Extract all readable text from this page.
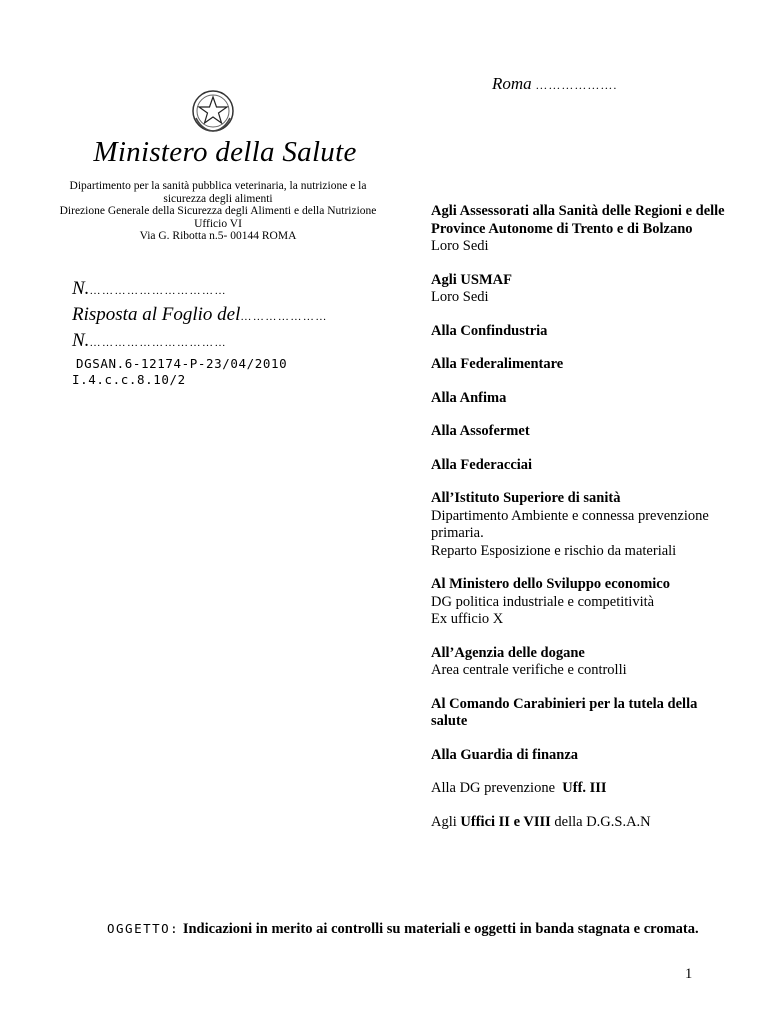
Roma ……………….
Ministero della Salute
Dipartimento per la sanità pubblica veterinaria, la nutrizione e la
sicurezza degli alimenti
Direzione Generale della Sicurezza degli Alimenti e della Nutrizione
Ufficio VI
Via G. Ribotta n.5- 00144 ROMA
N.……………………………
Risposta al Foglio del…………………
N.……………………………
DGSAN.6-12174-P-23/04/2010
I.4.c.c.8.10/2
Agli Assessorati alla Sanità delle Regioni e delle Province Autonome di Trento e di Bolzano
Loro Sedi
Agli USMAF
Loro Sedi
Alla Confindustria
Alla Federalimentare
Alla Anfima
Alla Assofermet
Alla Federacciai
All’Istituto Superiore di sanità
Dipartimento Ambiente e connessa prevenzione primaria.
Reparto Esposizione e rischio da materiali
Al Ministero dello Sviluppo economico
DG politica industriale e competitività
Ex ufficio X
All’Agenzia delle dogane
Area centrale verifiche e controlli
Al Comando Carabinieri per la tutela della salute
Alla Guardia di finanza
Alla DG prevenzione Uff. III
Agli Uffici II e VIII della D.G.S.A.N
OGGETTO: Indicazioni in merito ai controlli su materiali e oggetti in banda stagnata e cromata.
1
